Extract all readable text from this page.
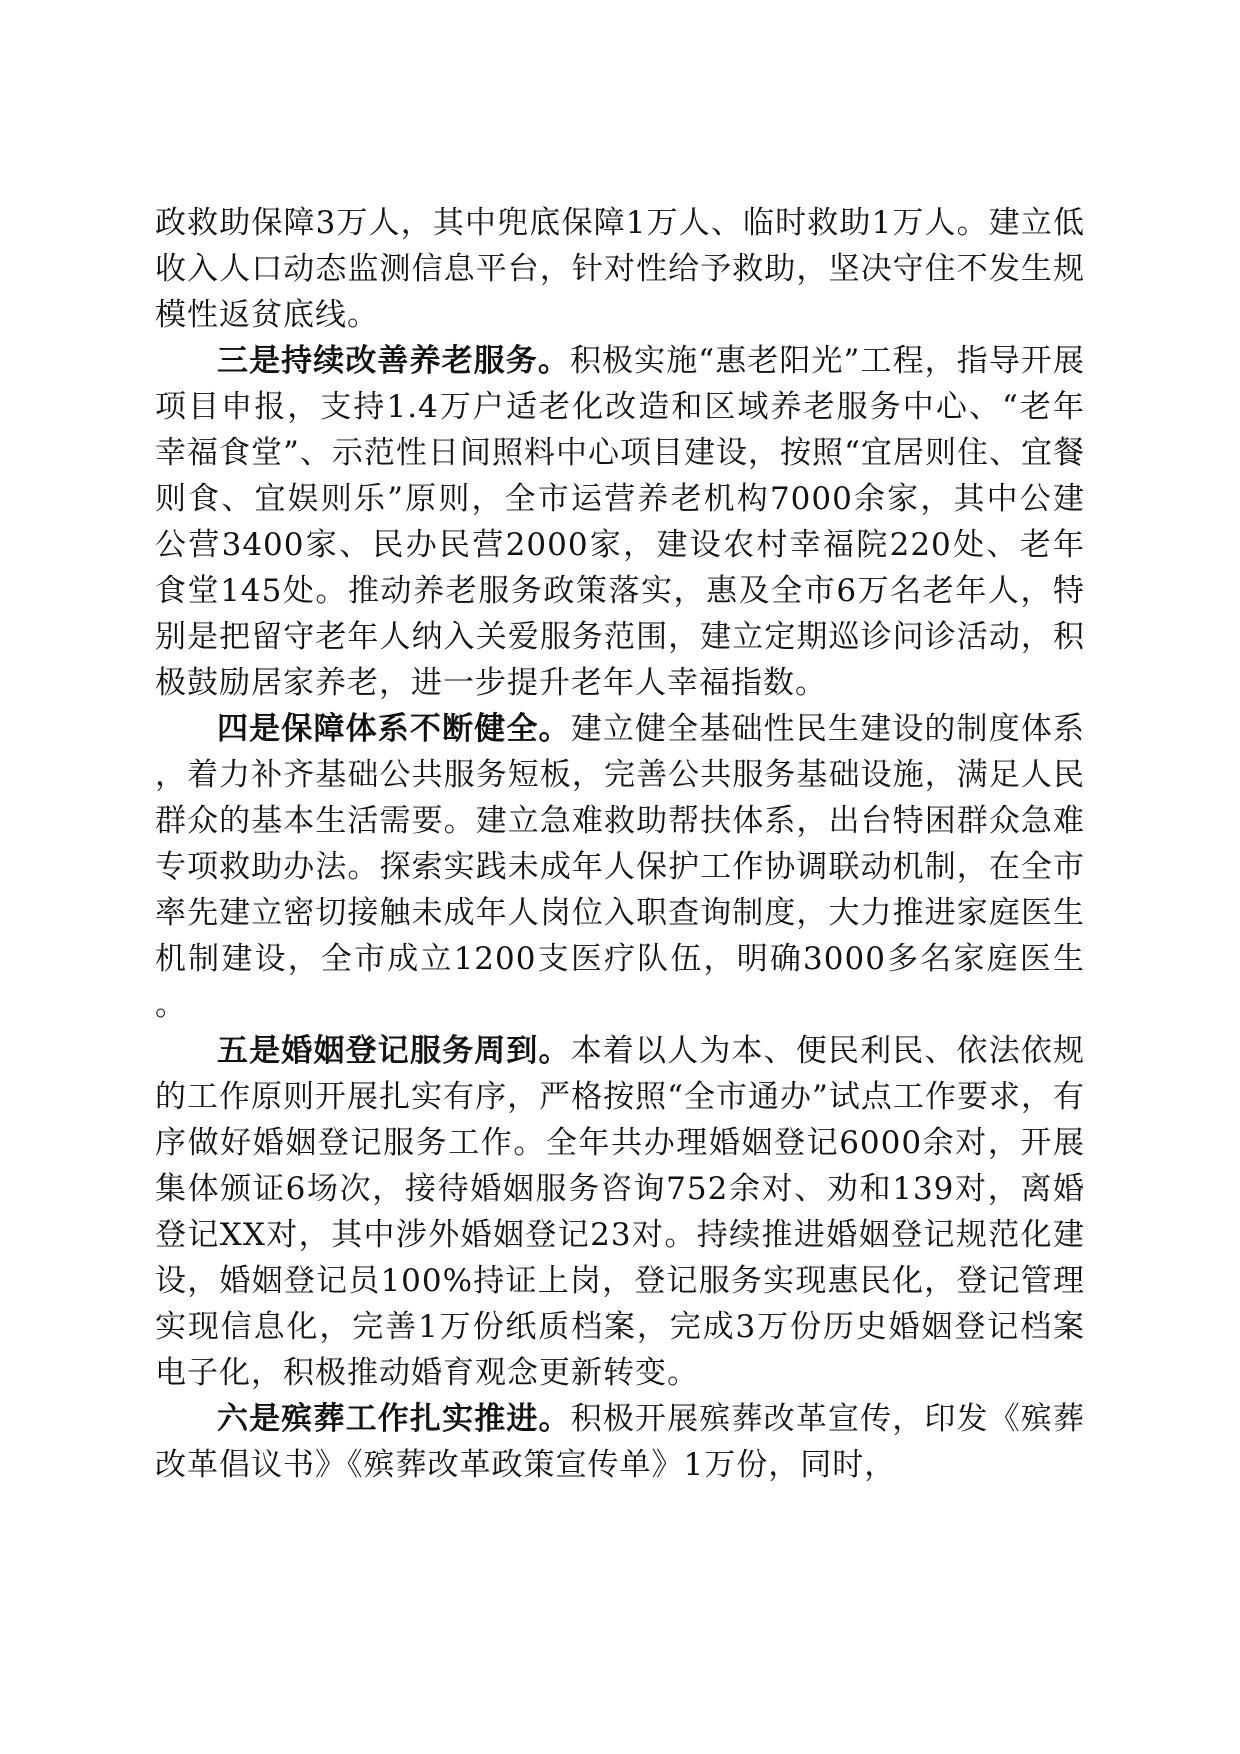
政救助保障3万人，其中兜底保障1万人、临时救助1万人。建立低收入人口动态监测信息平台，针对性给予救助，坚决守住不发生规模性返贫底线。

三是持续改善养老服务。积极实施“惠老阳光”工程，指导开展项目申报，支持1.4万户适老化改造和区域养老服务中心、“老年幸福食堂”、示范性日间照料中心项目建设，按照“宜居则住、宜餐则食、宜娱则乐”原则，全市运营养老机构7000余家，其中公建公营3400家、民办民营2000家，建设农村幸福院220处、老年食堂145处。推动养老服务政策落实，惠及全市6万名老年人，特别是把留守老年人纳入关爱服务范围，建立定期巡诊问诊活动，积极鼓励居家养老，进一步提升老年人幸福指数。

四是保障体系不断健全。建立健全基础性民生建设的制度体系，着力补齐基础公共服务短板，完善公共服务基础设施，满足人民群众的基本生活需要。建立急难救助帮扶体系，出台特困群众急难专项救助办法。探索实践未成年人保护工作协调联动机制，在全市率先建立密切接触未成年人岗位入职查询制度，大力推进家庭医生机制建设，全市成立1200支医疗队伍，明确3000多名家庭医生。

五是婚姻登记服务周到。本着以人为本、便民利民、依法依规的工作原则开展扎实有序，严格按照“全市通办”试点工作要求，有序做好婚姻登记服务工作。全年共办理婚姻登记6000余对，开展集体颁证6场次，接待婚姻服务咨询752余对、劝和139对，离婚登记XX对，其中涉外婚姻登记23对。持续推进婚姻登记规范化建设，婚姻登记员100%持证上岗，登记服务实现惠民化，登记管理实现信息化，完善1万份纸质档案，完成3万份历史婚姻登记档案电子化，积极推动婚育观念更新转变。

六是殡葬工作扎实推进。积极开展殡葬改革宣传，印发《殡葬改革倡议书》《殡葬改革政策宣传单》1万份，同时，
